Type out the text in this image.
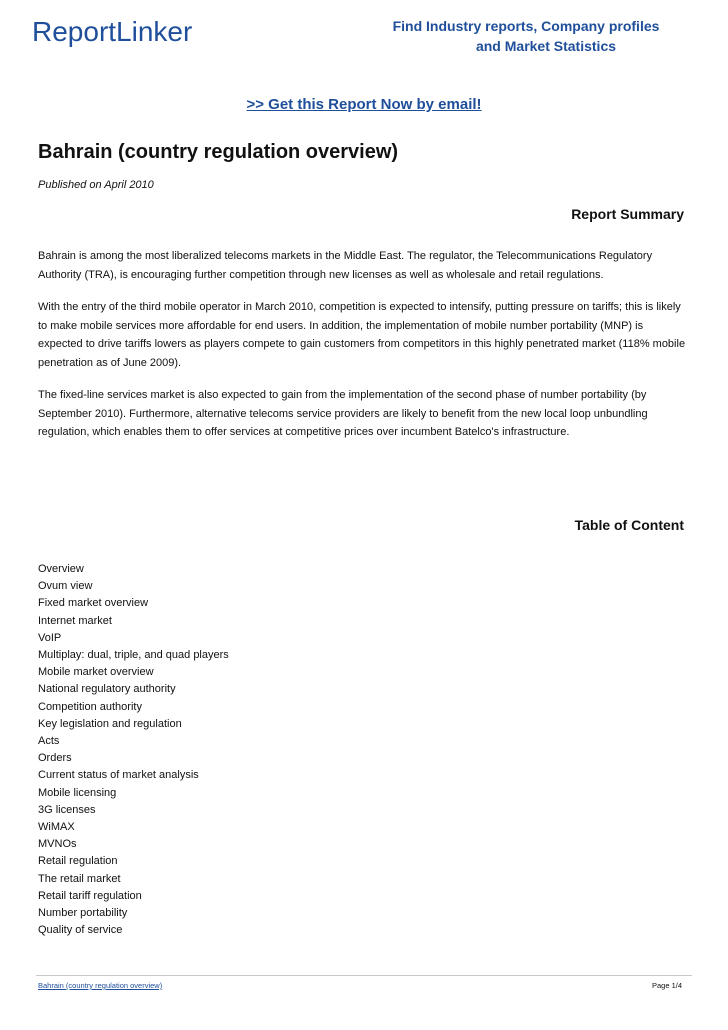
ReportLinker	Find Industry reports, Company profiles
and Market Statistics
>> Get this Report Now by email!
Bahrain (country regulation overview)
Published on April 2010
Report Summary

Bahrain is among the most liberalized telecoms markets in the Middle East. The regulator, the Telecommunications Regulatory Authority (TRA), is encouraging further competition through new licenses as well as wholesale and retail regulations.

With the entry of the third mobile operator in March 2010, competition is expected to intensify, putting pressure on tariffs; this is likely to make mobile services more affordable for end users. In addition, the implementation of mobile number portability (MNP) is expected to drive tariffs lowers as players compete to gain customers from competitors in this highly penetrated market (118% mobile penetration as of June 2009).

The fixed-line services market is also expected to gain from the implementation of the second phase of number portability (by September 2010). Furthermore, alternative telecoms service providers are likely to benefit from the new local loop unbundling regulation, which enables them to offer services at competitive prices over incumbent Batelco's infrastructure.

Table of Content
Overview
Ovum view
Fixed market overview
Internet market
VoIP
Multiplay: dual, triple, and quad players
Mobile market overview
National regulatory authority
Competition authority
Key legislation and regulation
Acts
Orders
Current status of market analysis
Mobile licensing
3G licenses
WiMAX
MVNOs
Retail regulation
The retail market
Retail tariff regulation
Number portability
Quality of service
Bahrain (country regulation overview)	Page 1/4
